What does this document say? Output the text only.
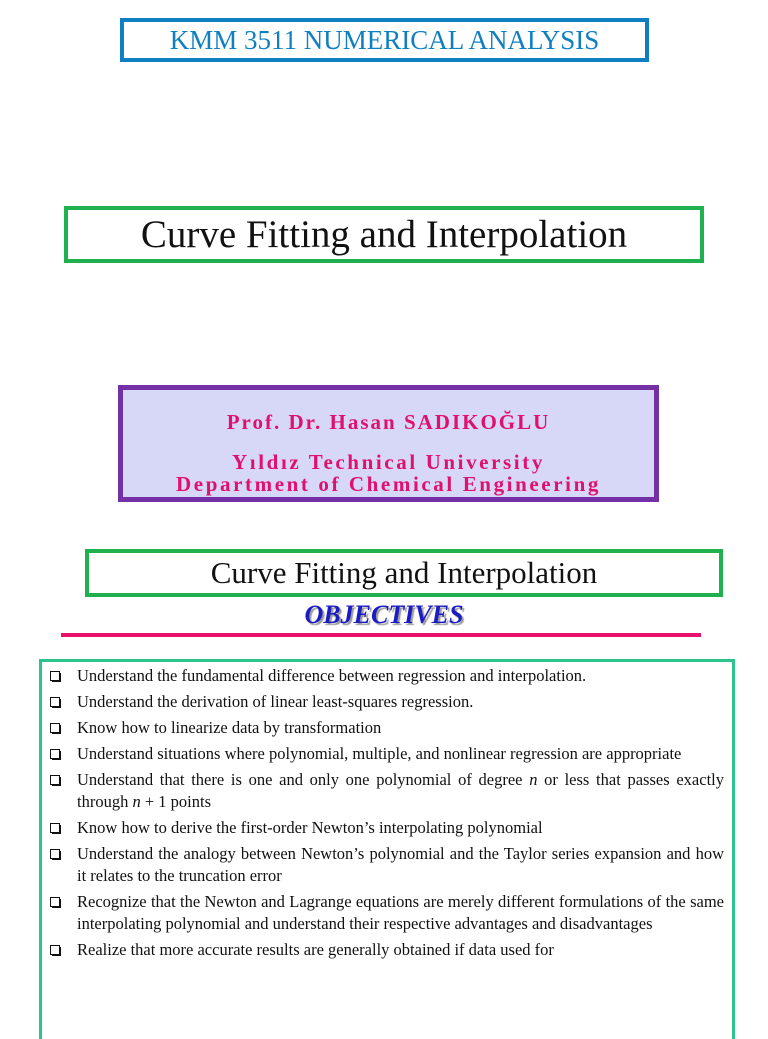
KMM 3511 NUMERICAL ANALYSIS
Curve Fitting and Interpolation
Prof. Dr. Hasan SADIKOĞLU
Yıldız Technical University
Department of Chemical Engineering
Curve Fitting and Interpolation
OBJECTIVES
Understand the fundamental difference between regression and interpolation.
Understand the derivation of linear least-squares regression.
Know how to linearize data by transformation
Understand situations where polynomial, multiple, and nonlinear regression are appropriate
Understand that there is one and only one polynomial of degree n or less that passes exactly through n + 1 points
Know how to derive the first-order Newton’s interpolating polynomial
Understand the analogy between Newton’s polynomial and the Taylor series expansion and how it relates to the truncation error
Recognize that the Newton and Lagrange equations are merely different formulations of the same interpolating polynomial and understand their respective advantages and disadvantages
Realize that more accurate results are generally obtained if data used for
